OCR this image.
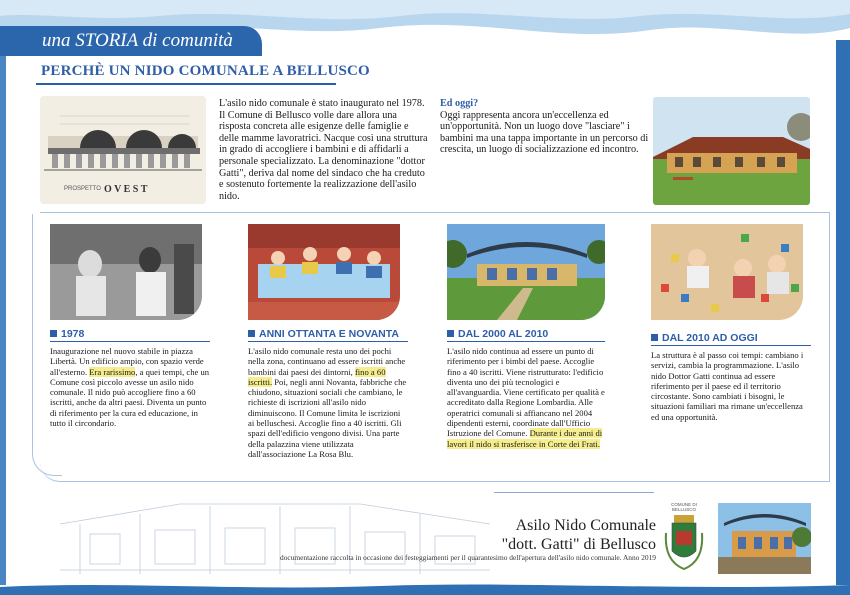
una STORIA di comunità
PERCHÈ UN NIDO COMUNALE A BELLUSCO
PROSPETTO O V E S T
L'asilo nido comunale è stato inaugurato nel 1978. Il Comune di Bellusco volle dare allora una risposta concreta alle esigenze delle famiglie e delle mamme lavoratrici. Nacque così una struttura in grado di accogliere i bambini e di affidarli a personale specializzato. La denominazione "dottor Gatti", deriva dal nome del sindaco che ha creduto e sostenuto fortemente la realizzazione dell'asilo nido.
Ed oggi?
Oggi rappresenta ancora un'eccellenza ed un'opportunità. Non un luogo dove "lasciare" i bambini ma una tappa importante in un percorso di crescita, un luogo di socializzazione ed incontro.
1978	ANNI OTTANTA E NOVANTA	DAL 2000 AL 2010	DAL 2010 AD OGGI
Inaugurazione nel nuovo stabile in piazza Libertà. Un edificio ampio, con spazio verde all'esterno. Era rarissimo, a quei tempi, che un Comune così piccolo avesse un asilo nido comunale. Il nido può accogliere fino a 60 iscritti, anche da altri paesi. Diventa un punto di riferimento per la cura ed educazione, in tutto il circondario.
L'asilo nido comunale resta uno dei pochi nella zona, continuano ad essere iscritti anche bambini dai paesi dei dintorni, fino a 60 iscritti. Poi, negli anni Novanta, fabbriche che chiudono, situazioni sociali che cambiano, le richieste di iscrizioni all'asilo nido diminuiscono. Il Comune limita le iscrizioni ai belluschesi. Accoglie fino a 40 iscritti. Gli spazi dell'edificio vengono divisi. Una parte della palazzina viene utilizzata dall'associazione La Rosa Blu.
L'asilo nido continua ad essere un punto di riferimento per i bimbi del paese. Accoglie fino a 40 iscritti. Viene ristrutturato: l'edificio diventa uno dei più tecnologici e all'avanguardia. Viene certificato per qualità e accreditato dalla Regione Lombardia. Alle operatrici comunali si affiancano nel 2004 dipendenti esterni, coordinate dall'Ufficio Istruzione del Comune. Durante i due anni di lavori il nido si trasferisce in Corte dei Frati.
La struttura è al passo coi tempi: cambiano i servizi, cambia la programmazione. L'asilo nido Dottor Gatti continua ad essere riferimento per il paese ed il territorio circostante. Sono cambiati i bisogni, le situazioni familiari ma rimane un'eccellenza ed una opportunità.
Asilo Nido Comunale
"dott. Gatti" di Bellusco
documentazione raccolta in occasione dei festeggiamenti per il quarantesimo dell'apertura dell'asilo nido comunale. Anno 2019
COMUNE DI BELLUSCO
